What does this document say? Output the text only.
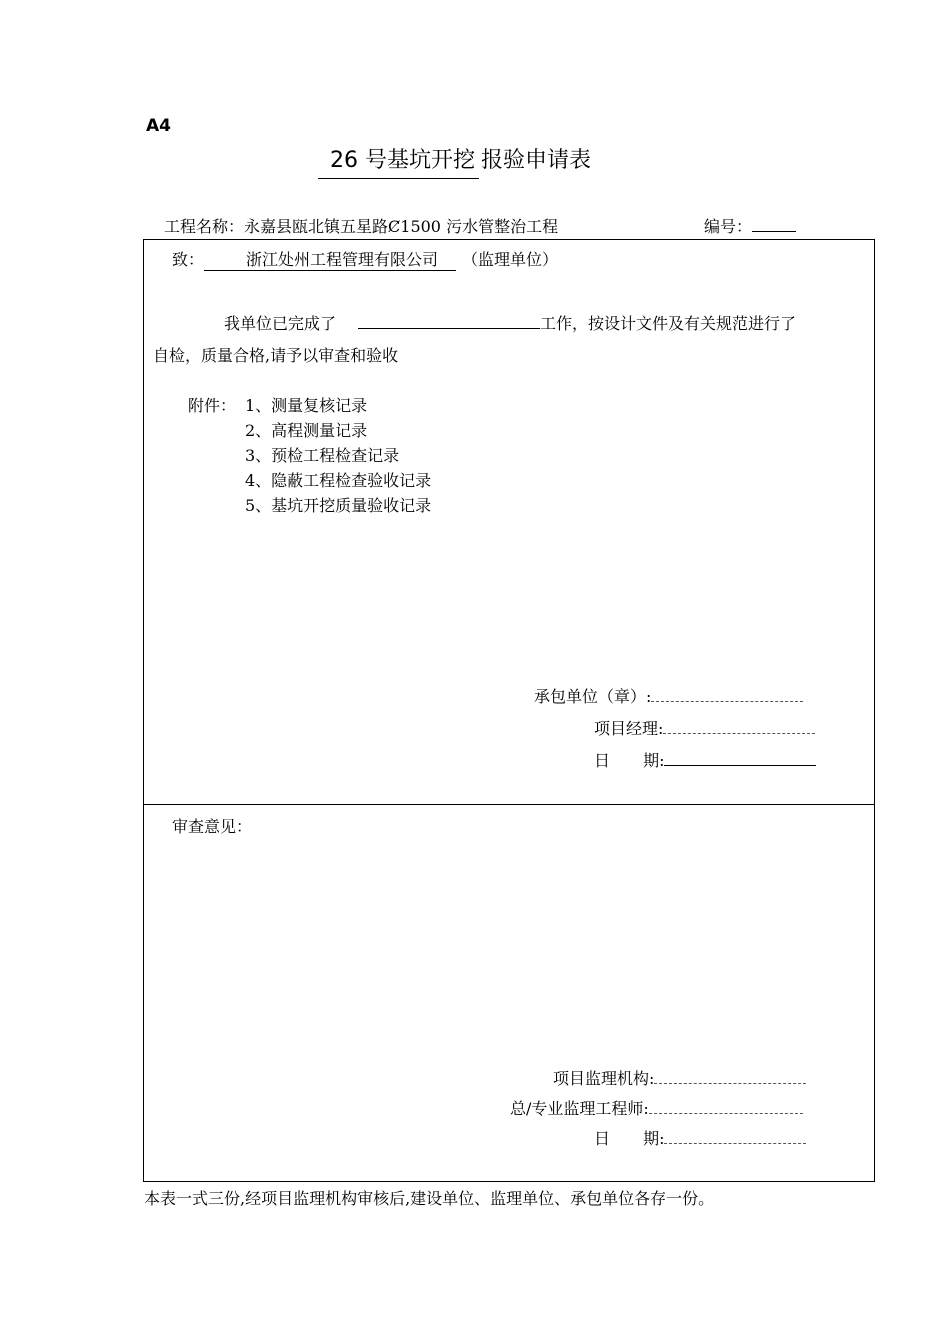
A4
26 号基坑开挖 报验申请表
工程名称：永嘉县瓯北镇五星路Ȼ1500 污水管整治工程	编号：
致：	浙江处州工程管理有限公司 （监理单位）
我单位已完成了	工作，按设计文件及有关规范进行了
自检，质量合格,请予以审查和验收
附件： 1、测量复核记录
2、高程测量记录
3、预检工程检查记录
4、隐蔽工程检查验收记录
5、基坑开挖质量验收记录
承包单位（章）:
项目经理:
日 期:
审查意见：
项目监理机构:
总/专业监理工程师:
日 期:
本表一式三份,经项目监理机构审核后,建设单位、监理单位、承包单位各存一份。
